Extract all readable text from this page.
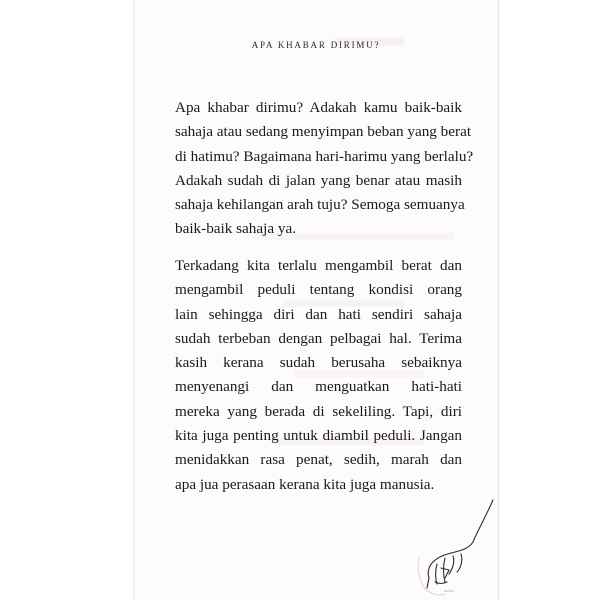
APA KHABAR DIRIMU?
Apa khabar dirimu? Adakah kamu baik-baik
sahaja atau sedang menyimpan beban yang berat
di hatimu? Bagaimana hari-harimu yang berlalu?
Adakah sudah di jalan yang benar atau masih
sahaja kehilangan arah tuju? Semoga semuanya
baik-baik sahaja ya.
Terkadang kita terlalu mengambil berat dan
mengambil peduli tentang kondisi orang
lain sehingga diri dan hati sendiri sahaja
sudah terbeban dengan pelbagai hal. Terima
kasih kerana sudah berusaha sebaiknya
menyenangi dan menguatkan hati-hati
mereka yang berada di sekeliling. Tapi, diri
kita juga penting untuk diambil peduli. Jangan
menidakkan rasa penat, sedih, marah dan
apa jua perasaan kerana kita juga manusia.
